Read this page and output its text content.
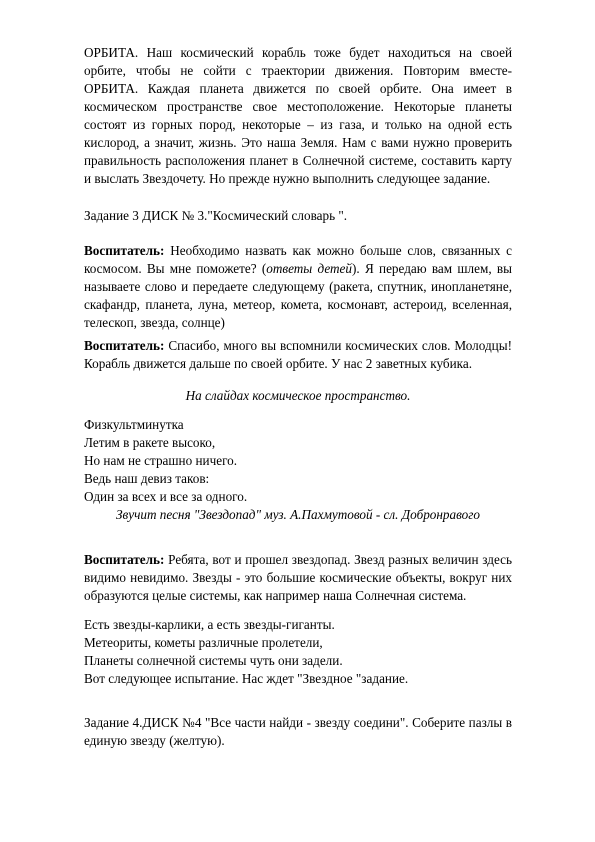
ОРБИТА. Наш космический корабль тоже будет находиться на своей орбите, чтобы не сойти с траектории движения. Повторим вместе- ОРБИТА. Каждая планета движется по своей орбите. Она имеет в космическом пространстве свое местоположение. Некоторые планеты состоят из горных пород, некоторые – из газа, и только на одной есть кислород, а значит, жизнь. Это наша Земля. Нам с вами нужно проверить правильность расположения планет в Солнечной системе, составить карту и выслать Звездочету. Но прежде нужно выполнить следующее задание.

Задание 3 ДИСК № 3."Космический словарь ".

Воспитатель: Необходимо назвать как можно больше слов, связанных с космосом. Вы мне поможете? (ответы детей). Я передаю вам шлем, вы называете слово и передаете следующему (ракета, спутник, инопланетяне, скафандр, планета, луна, метеор, комета, космонавт, астероид, вселенная, телескоп, звезда, солнце)

Воспитатель: Спасибо, много вы вспомнили космических слов. Молодцы! Корабль движется дальше по своей орбите. У нас 2 заветных кубика.

На слайдах космическое пространство.

Физкультминутка
Летим в ракете высоко,
Но нам не страшно ничего.
Ведь наш девиз таков:
Один за всех и все за одного.

Звучит песня "Звездопад" муз. А.Пахмутовой - сл. Добронравого

Воспитатель: Ребята, вот и прошел звездопад. Звезд разных величин здесь видимо невидимо. Звезды - это большие космические объекты, вокруг них образуются целые системы, как например наша Солнечная система.

Есть звезды-карлики, а есть звезды-гиганты.
Метеориты, кометы различные пролетели,
Планеты солнечной системы чуть они задели.
Вот следующее испытание. Нас ждет "Звездное "задание.

Задание 4.ДИСК №4 "Все части найди - звезду соедини". Соберите пазлы в единую звезду (желтую).
